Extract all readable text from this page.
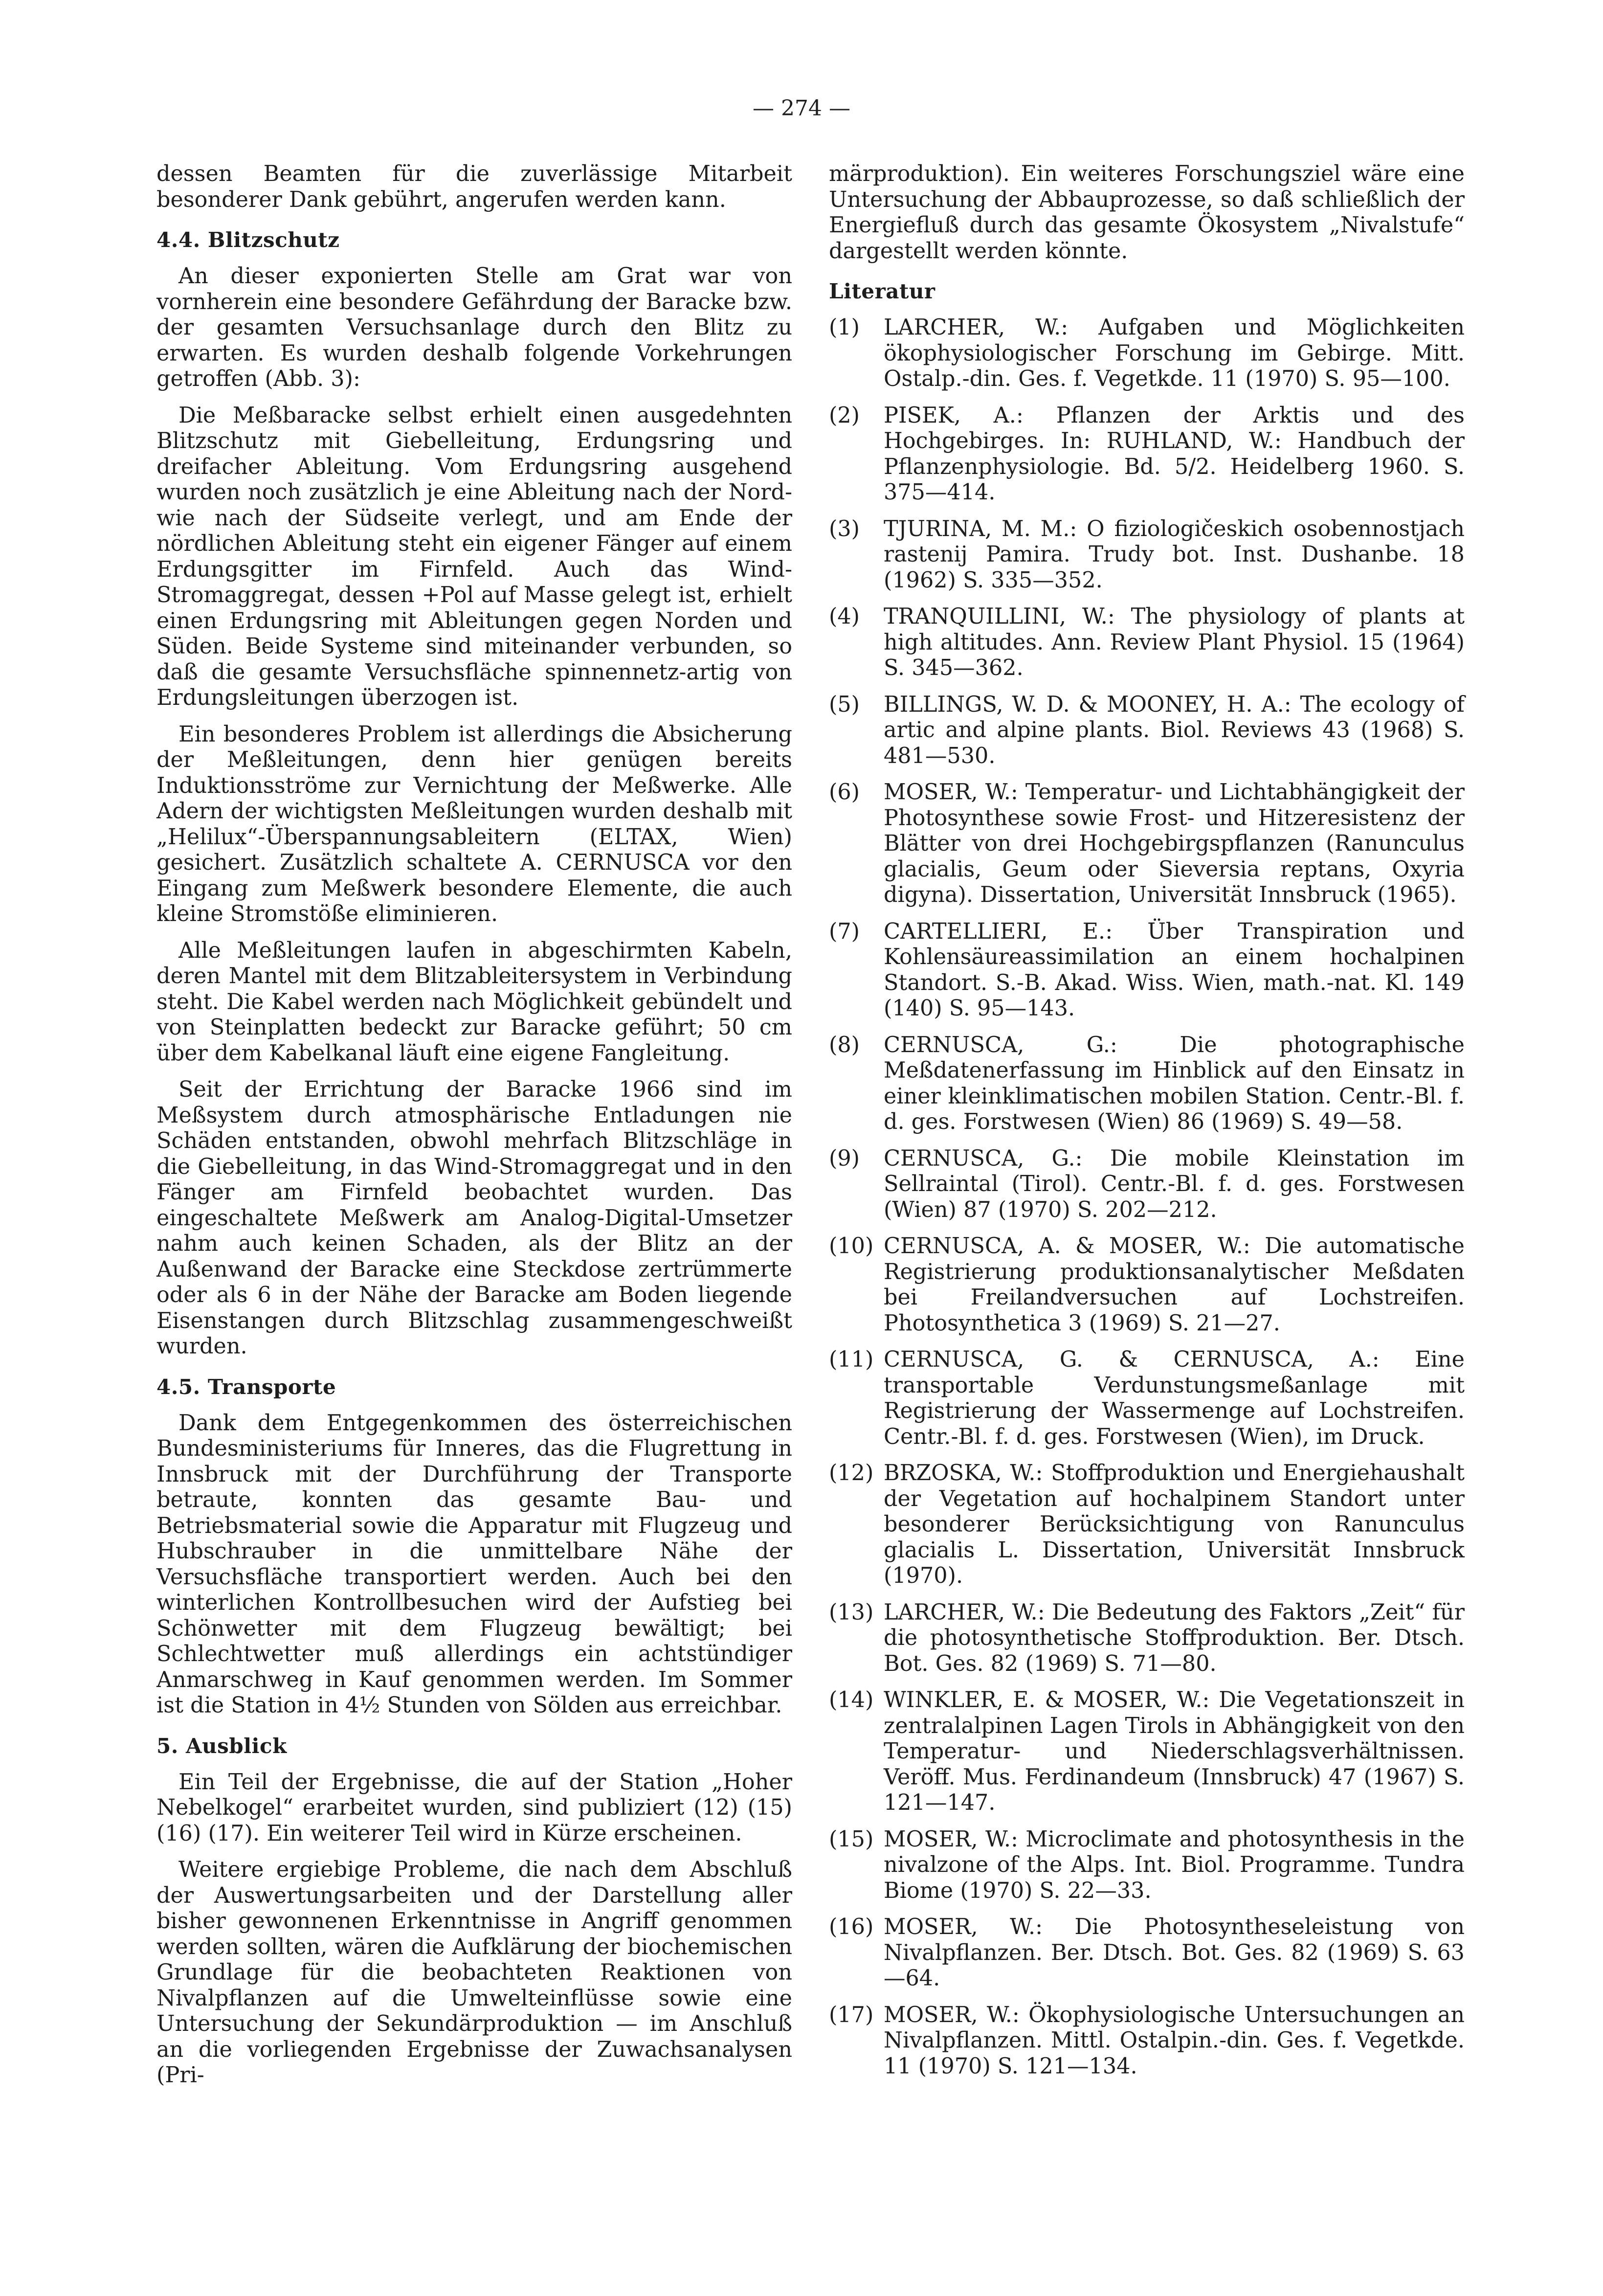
— 274 —

dessen Beamten für die zuverlässige Mitarbeit besonderer Dank gebührt, angerufen werden kann.

4.4. Blitzschutz

An dieser exponierten Stelle am Grat war von vornherein eine besondere Gefährdung der Baracke bzw. der gesamten Versuchsanlage durch den Blitz zu erwarten. Es wurden deshalb folgende Vorkehrungen getroffen (Abb. 3):

Die Meßbaracke selbst erhielt einen ausgedehnten Blitzschutz mit Giebelleitung, Erdungsring und dreifacher Ableitung. Vom Erdungsring ausgehend wurden noch zusätzlich je eine Ableitung nach der Nord- wie nach der Südseite verlegt, und am Ende der nördlichen Ableitung steht ein eigener Fänger auf einem Erdungsgitter im Firnfeld. Auch das Wind-Stromaggregat, dessen +Pol auf Masse gelegt ist, erhielt einen Erdungsring mit Ableitungen gegen Norden und Süden. Beide Systeme sind miteinander verbunden, so daß die gesamte Versuchsfläche spinnennetz-artig von Erdungsleitungen überzogen ist.

Ein besonderes Problem ist allerdings die Absicherung der Meßleitungen, denn hier genügen bereits Induktionsströme zur Vernichtung der Meßwerke. Alle Adern der wichtigsten Meßleitungen wurden deshalb mit „Helilux“-Überspannungsableitern (ELTAX, Wien) gesichert. Zusätzlich schaltete A. CERNUSCA vor den Eingang zum Meßwerk besondere Elemente, die auch kleine Stromstöße eliminieren.

Alle Meßleitungen laufen in abgeschirmten Kabeln, deren Mantel mit dem Blitzableitersystem in Verbindung steht. Die Kabel werden nach Möglichkeit gebündelt und von Steinplatten bedeckt zur Baracke geführt; 50 cm über dem Kabelkanal läuft eine eigene Fangleitung.

Seit der Errichtung der Baracke 1966 sind im Meßsystem durch atmosphärische Entladungen nie Schäden entstanden, obwohl mehrfach Blitzschläge in die Giebelleitung, in das Wind-Stromaggregat und in den Fänger am Firnfeld beobachtet wurden. Das eingeschaltete Meßwerk am Analog-Digital-Umsetzer nahm auch keinen Schaden, als der Blitz an der Außenwand der Baracke eine Steckdose zertrümmerte oder als 6 in der Nähe der Baracke am Boden liegende Eisenstangen durch Blitzschlag zusammengeschweißt wurden.

4.5. Transporte

Dank dem Entgegenkommen des österreichischen Bundesministeriums für Inneres, das die Flugrettung in Innsbruck mit der Durchführung der Transporte betraute, konnten das gesamte Bau- und Betriebsmaterial sowie die Apparatur mit Flugzeug und Hubschrauber in die unmittelbare Nähe der Versuchsfläche transportiert werden. Auch bei den winterlichen Kontrollbesuchen wird der Aufstieg bei Schönwetter mit dem Flugzeug bewältigt; bei Schlechtwetter muß allerdings ein achtstündiger Anmarschweg in Kauf genommen werden. Im Sommer ist die Station in 4½ Stunden von Sölden aus erreichbar.

5. Ausblick

Ein Teil der Ergebnisse, die auf der Station „Hoher Nebelkogel“ erarbeitet wurden, sind publiziert (12) (15) (16) (17). Ein weiterer Teil wird in Kürze erscheinen.

Weitere ergiebige Probleme, die nach dem Abschluß der Auswertungsarbeiten und der Darstellung aller bisher gewonnenen Erkenntnisse in Angriff genommen werden sollten, wären die Aufklärung der biochemischen Grundlage für die beobachteten Reaktionen von Nivalpflanzen auf die Umwelteinflüsse sowie eine Untersuchung der Sekundärproduktion — im Anschluß an die vorliegenden Ergebnisse der Zuwachsanalysen (Pri-

märproduktion). Ein weiteres Forschungsziel wäre eine Untersuchung der Abbauprozesse, so daß schließlich der Energiefluß durch das gesamte Ökosystem „Nivalstufe“ dargestellt werden könnte.

Literatur
(1)	LARCHER, W.: Aufgaben und Möglichkeiten ökophysiologischer Forschung im Gebirge. Mitt. Ostalp.-din. Ges. f. Vegetkde. 11 (1970) S. 95—100.
(2)	PISEK, A.: Pflanzen der Arktis und des Hochgebirges. In: RUHLAND, W.: Handbuch der Pflanzenphysiologie. Bd. 5/2. Heidelberg 1960. S. 375—414.
(3)	TJURINA, M. M.: O fiziologičeskich osobennostjach rastenij Pamira. Trudy bot. Inst. Dushanbe. 18 (1962) S. 335—352.
(4)	TRANQUILLINI, W.: The physiology of plants at high altitudes. Ann. Review Plant Physiol. 15 (1964) S. 345—362.
(5)	BILLINGS, W. D. & MOONEY, H. A.: The ecology of artic and alpine plants. Biol. Reviews 43 (1968) S. 481—530.
(6)	MOSER, W.: Temperatur- und Lichtabhängigkeit der Photosynthese sowie Frost- und Hitzeresistenz der Blätter von drei Hochgebirgspflanzen (Ranunculus glacialis, Geum oder Sieversia reptans, Oxyria digyna). Dissertation, Universität Innsbruck (1965).
(7)	CARTELLIERI, E.: Über Transpiration und Kohlensäureassimilation an einem hochalpinen Standort. S.-B. Akad. Wiss. Wien, math.-nat. Kl. 149 (140) S. 95—143.
(8)	CERNUSCA, G.: Die photographische Meßdatenerfassung im Hinblick auf den Einsatz in einer kleinklimatischen mobilen Station. Centr.-Bl. f. d. ges. Forstwesen (Wien) 86 (1969) S. 49—58.
(9)	CERNUSCA, G.: Die mobile Kleinstation im Sellraintal (Tirol). Centr.-Bl. f. d. ges. Forstwesen (Wien) 87 (1970) S. 202—212.
(10) CERNUSCA, A. & MOSER, W.: Die automatische Registrierung produktionsanalytischer Meßdaten bei Freilandversuchen auf Lochstreifen. Photosynthetica 3 (1969) S. 21—27.
(11) CERNUSCA, G. & CERNUSCA, A.: Eine transportable Verdunstungsmeßanlage mit Registrierung der Wassermenge auf Lochstreifen. Centr.-Bl. f. d. ges. Forstwesen (Wien), im Druck.
(12) BRZOSKA, W.: Stoffproduktion und Energiehaushalt der Vegetation auf hochalpinem Standort unter besonderer Berücksichtigung von Ranunculus glacialis L. Dissertation, Universität Innsbruck (1970).
(13) LARCHER, W.: Die Bedeutung des Faktors „Zeit“ für die photosynthetische Stoffproduktion. Ber. Dtsch. Bot. Ges. 82 (1969) S. 71—80.
(14) WINKLER, E. & MOSER, W.: Die Vegetationszeit in zentralalpinen Lagen Tirols in Abhängigkeit von den Temperatur- und Niederschlagsverhältnissen. Veröff. Mus. Ferdinandeum (Innsbruck) 47 (1967) S. 121—147.
(15) MOSER, W.: Microclimate and photosynthesis in the nivalzone of the Alps. Int. Biol. Programme. Tundra Biome (1970) S. 22—33.
(16) MOSER, W.: Die Photosyntheseleistung von Nivalpflanzen. Ber. Dtsch. Bot. Ges. 82 (1969) S. 63—64.
(17) MOSER, W.: Ökophysiologische Untersuchungen an Nivalpflanzen. Mittl. Ostalpin.-din. Ges. f. Vegetkde. 11 (1970) S. 121—134.
